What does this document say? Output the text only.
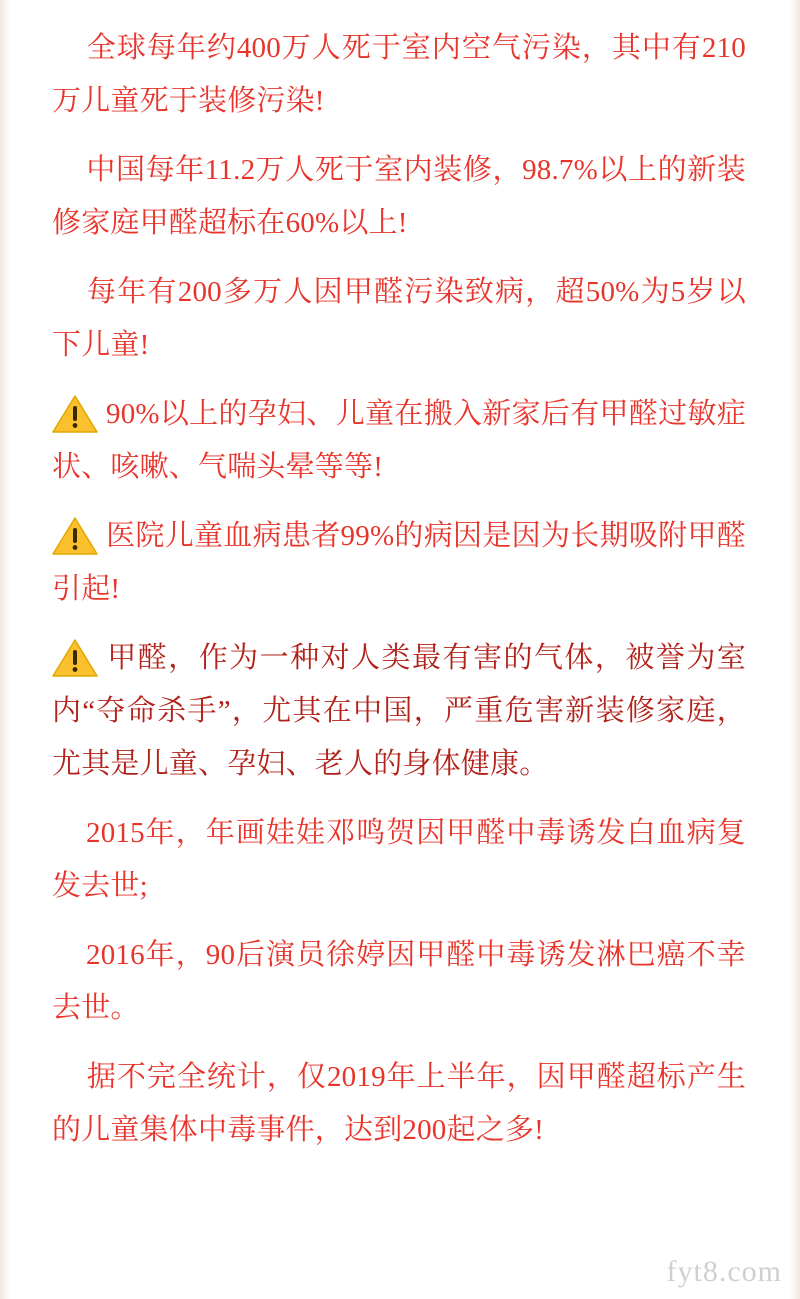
全球每年约400万人死于室内空气污染，其中有210万儿童死于装修污染!

中国每年11.2万人死于室内装修，98.7%以上的新装修家庭甲醛超标在60%以上!

每年有200多万人因甲醛污染致病，超50%为5岁以下儿童!

90%以上的孕妇、儿童在搬入新家后有甲醛过敏症状、咳嗽、气喘头晕等等!

医院儿童血病患者99%的病因是因为长期吸附甲醛引起!

甲醛，作为一种对人类最有害的气体，被誉为室内“夺命杀手”，尤其在中国，严重危害新装修家庭，尤其是儿童、孕妇、老人的身体健康。

2015年，年画娃娃邓鸣贺因甲醛中毒诱发白血病复发去世;

2016年，90后演员徐婷因甲醛中毒诱发淋巴癌不幸去世。

据不完全统计，仅2019年上半年，因甲醛超标产生的儿童集体中毒事件，达到200起之多!

fyt8.com
